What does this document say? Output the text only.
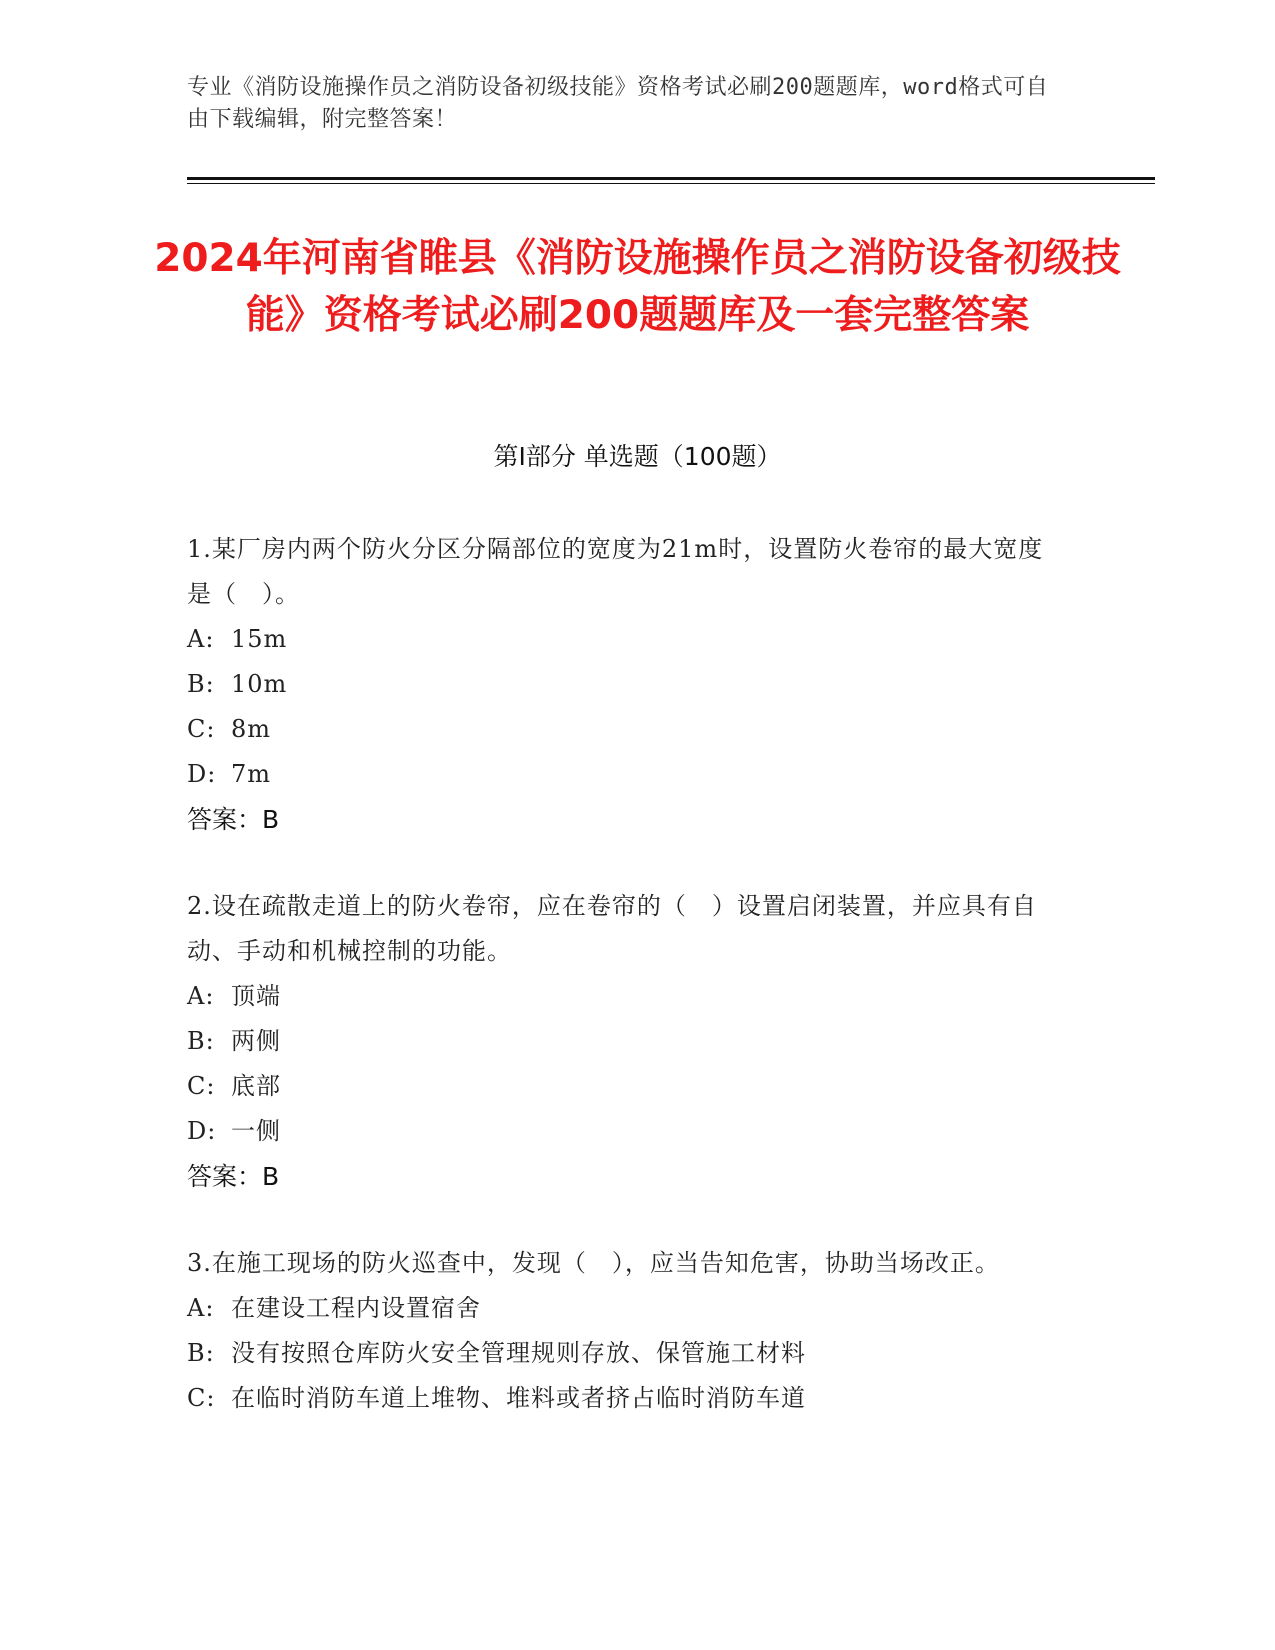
专业《消防设施操作员之消防设备初级技能》资格考试必刷200题题库，word格式可自由下载编辑，附完整答案！
2024年河南省睢县《消防设施操作员之消防设备初级技能》资格考试必刷200题题库及一套完整答案
第Ⅰ部分 单选题（100题）
1.某厂房内两个防火分区分隔部位的宽度为21m时，设置防火卷帘的最大宽度是（　）。
A: 15m
B: 10m
C: 8m
D: 7m
答案：B
2.设在疏散走道上的防火卷帘，应在卷帘的（　）设置启闭装置，并应具有自动、手动和机械控制的功能。
A: 顶端
B: 两侧
C: 底部
D: 一侧
答案：B
3.在施工现场的防火巡查中，发现（　），应当告知危害，协助当场改正。
A: 在建设工程内设置宿舍
B: 没有按照仓库防火安全管理规则存放、保管施工材料
C: 在临时消防车道上堆物、堆料或者挤占临时消防车道
